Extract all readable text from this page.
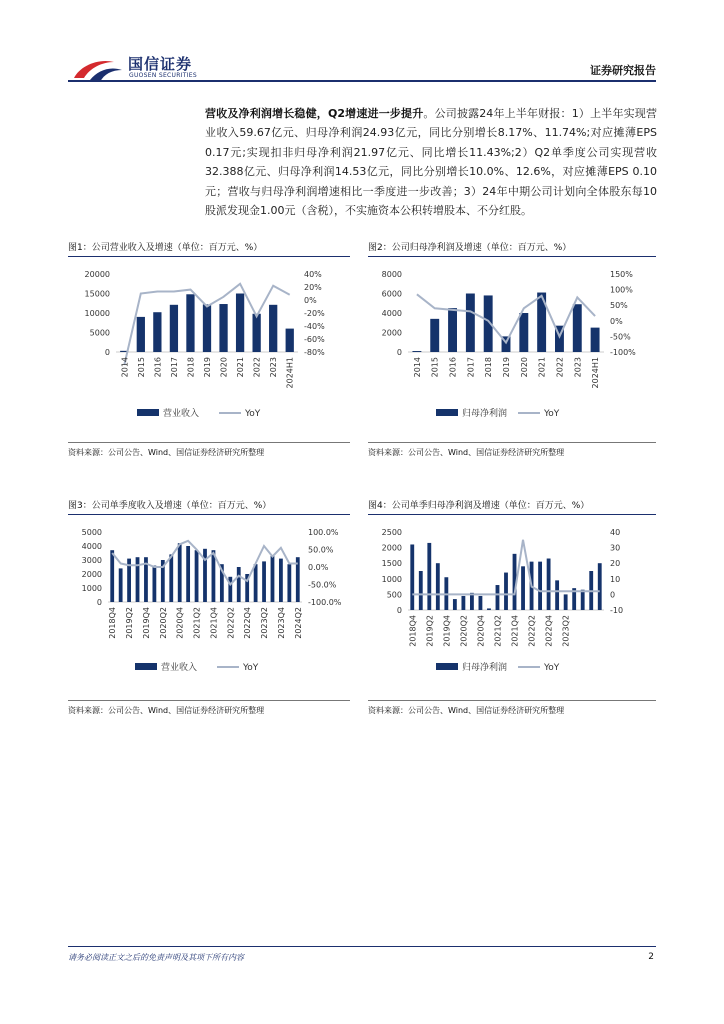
国信证券
GUOSEN SECURITIES	证券研究报告
营收及净利润增长稳健，Q2增速进一步提升。公司披露24年上半年财报：1）上半年实现营业收入59.67亿元、归母净利润24.93亿元，同比分别增长8.17%、11.74%;对应摊薄EPS 0.17元;实现扣非归母净利润21.97亿元、同比增长11.43%;2）Q2单季度公司实现营收32.388亿元、归母净利润14.53亿元，同比分别增长10.0%、12.6%，对应摊薄EPS 0.10元；营收与归母净利润增速相比一季度进一步改善；3）24年中期公司计划向全体股东每10股派发现金1.00元（含税），不实施资本公积转增股本、不分红股。
图1：公司营业收入及增速（单位：百万元、%）	图2：公司归母净利润及增速（单位：百万元、%）
图3：公司单季度收入及增速（单位：百万元、%）	图4：公司单季归母净利润及增速（单位：百万元、%）
0
5000
10000
15000
20000
-80%
-60%
-40%
-20%
0%
20%
40%
2014 2015 2016 2017 2018 2019 2020 2021 2022 2023 2024H1
营业收入	YoY
0
2000
4000
6000
8000
-100%
-50%
0%
50%
100%
150%
2014 2015 2016 2017 2018 2019 2020 2021 2022 2023 2024H1
归母净利润	YoY
0
1000
2000
3000
4000
5000
-100.0%
-50.0%
0.0%
50.0%
100.0%
2018Q4 2019Q2 2019Q4 2020Q2 2020Q4 2021Q2 2021Q4 2022Q2 2022Q4 2023Q2 2023Q4 2024Q2
营业收入	YoY
0
500
1000
1500
2000
2500
-10
0
10
20
30
40
2018Q4 2019Q2 2019Q4 2020Q2 2020Q4 2021Q2 2021Q4 2022Q2 2022Q4 2023Q2
归母净利润	YoY
资料来源：公司公告、Wind、国信证券经济研究所整理	资料来源：公司公告、Wind、国信证券经济研究所整理
资料来源：公司公告、Wind、国信证券经济研究所整理	资料来源：公司公告、Wind、国信证券经济研究所整理
请务必阅读正文之后的免责声明及其项下所有内容	2
